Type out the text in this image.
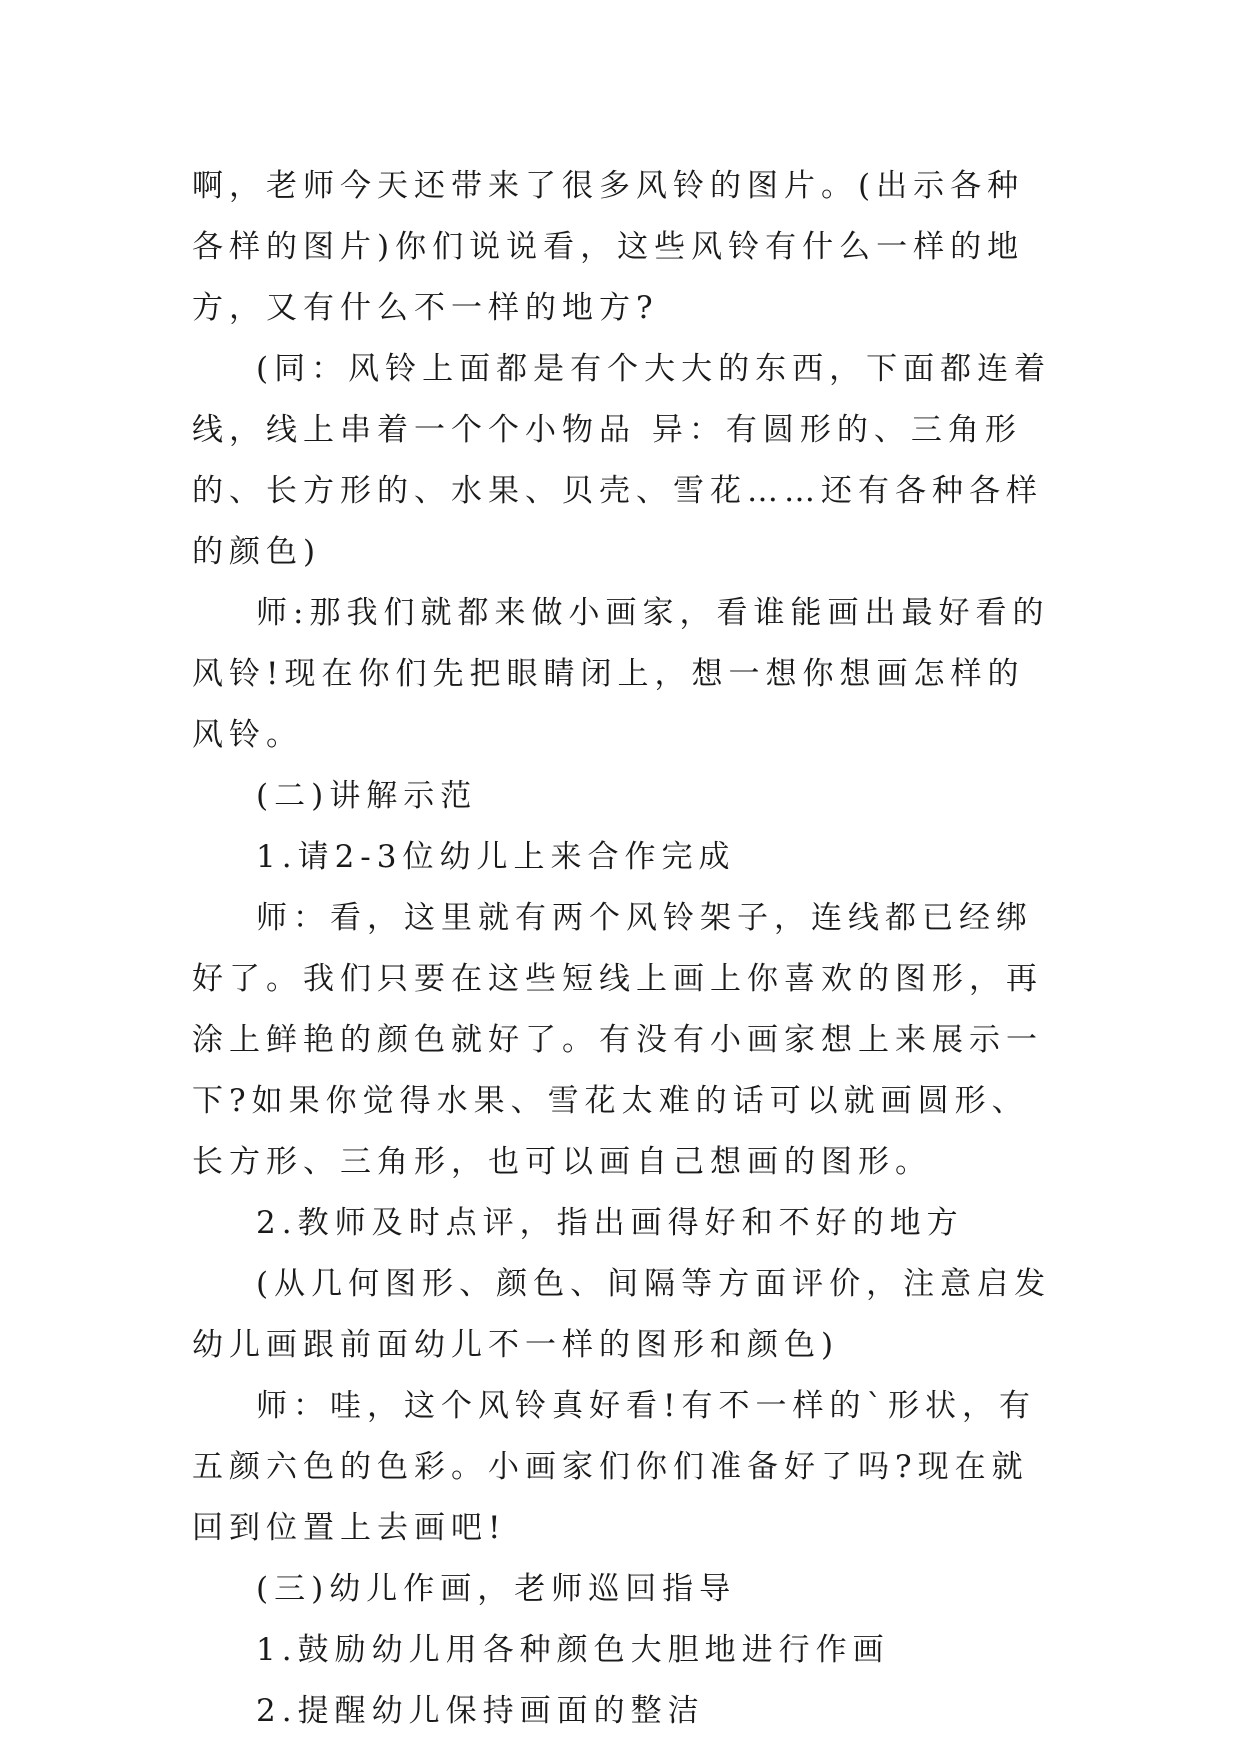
啊，老师今天还带来了很多风铃的图片。(出示各种各样的图片)你们说说看，这些风铃有什么一样的地方，又有什么不一样的地方?

(同：风铃上面都是有个大大的东西，下面都连着线，线上串着一个个小物品 异：有圆形的、三角形的、长方形的、水果、贝壳、雪花……还有各种各样的颜色)

师:那我们就都来做小画家，看谁能画出最好看的风铃!现在你们先把眼睛闭上，想一想你想画怎样的风铃。

(二)讲解示范

1.请2-3位幼儿上来合作完成

师：看，这里就有两个风铃架子，连线都已经绑好了。我们只要在这些短线上画上你喜欢的图形，再涂上鲜艳的颜色就好了。有没有小画家想上来展示一下?如果你觉得水果、雪花太难的话可以就画圆形、长方形、三角形，也可以画自己想画的图形。

2.教师及时点评，指出画得好和不好的地方

(从几何图形、颜色、间隔等方面评价，注意启发幼儿画跟前面幼儿不一样的图形和颜色)

师：哇，这个风铃真好看!有不一样的`形状，有五颜六色的色彩。小画家们你们准备好了吗?现在就回到位置上去画吧!

(三)幼儿作画，老师巡回指导

1.鼓励幼儿用各种颜色大胆地进行作画

2.提醒幼儿保持画面的整洁
